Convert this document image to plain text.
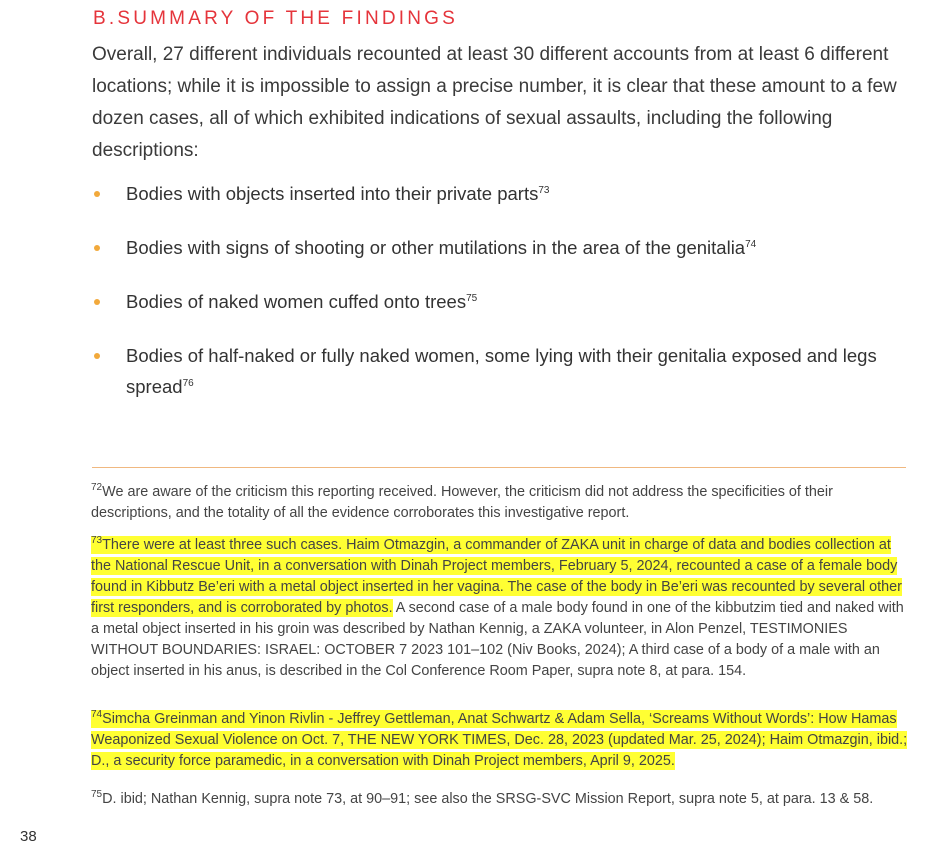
B.SUMMARY OF THE FINDINGS

Overall, 27 different individuals recounted at least 30 different accounts from at least 6 different locations; while it is impossible to assign a precise number, it is clear that these amount to a few dozen cases, all of which exhibited indications of sexual assaults, including the following descriptions:

Bodies with objects inserted into their private parts$^{73}$
Bodies with signs of shooting or other mutilations in the area of the genitalia$^{74}$
Bodies of naked women cuffed onto trees$^{75}$
Bodies of half-naked or fully naked women, some lying with their genitalia exposed and legs spread$^{76}$

$^{72}$We are aware of the criticism this reporting received. However, the criticism did not address the specificities of their descriptions, and the totality of all the evidence corroborates this investigative report.

$^{73}$There were at least three such cases. Haim Otmazgin, a commander of ZAKA unit in charge of data and bodies collection at the National Rescue Unit, in a conversation with Dinah Project members, February 5, 2024, recounted a case of a female body found in Kibbutz Be’eri with a metal object inserted in her vagina. The case of the body in Be’eri was recounted by several other first responders, and is corroborated by photos. A second case of a male body found in one of the kibbutzim tied and naked with a metal object inserted in his groin was described by Nathan Kennig, a ZAKA volunteer, in Alon Penzel, TESTIMONIES WITHOUT BOUNDARIES: ISRAEL: OCTOBER 7 2023 101–102 (Niv Books, 2024); A third case of a body of a male with an object inserted in his anus, is described in the Col Conference Room Paper, supra note 8, at para. 154.

$^{74}$Simcha Greinman and Yinon Rivlin - Jeffrey Gettleman, Anat Schwartz & Adam Sella, ‘Screams Without Words’: How Hamas Weaponized Sexual Violence on Oct. 7, THE NEW YORK TIMES, Dec. 28, 2023 (updated Mar. 25, 2024); Haim Otmazgin, ibid.; D., a security force paramedic, in a conversation with Dinah Project members, April 9, 2025.

$^{75}$D. ibid; Nathan Kennig, supra note 73, at 90–91; see also the SRSG-SVC Mission Report, supra note 5, at para. 13 & 58.

38
